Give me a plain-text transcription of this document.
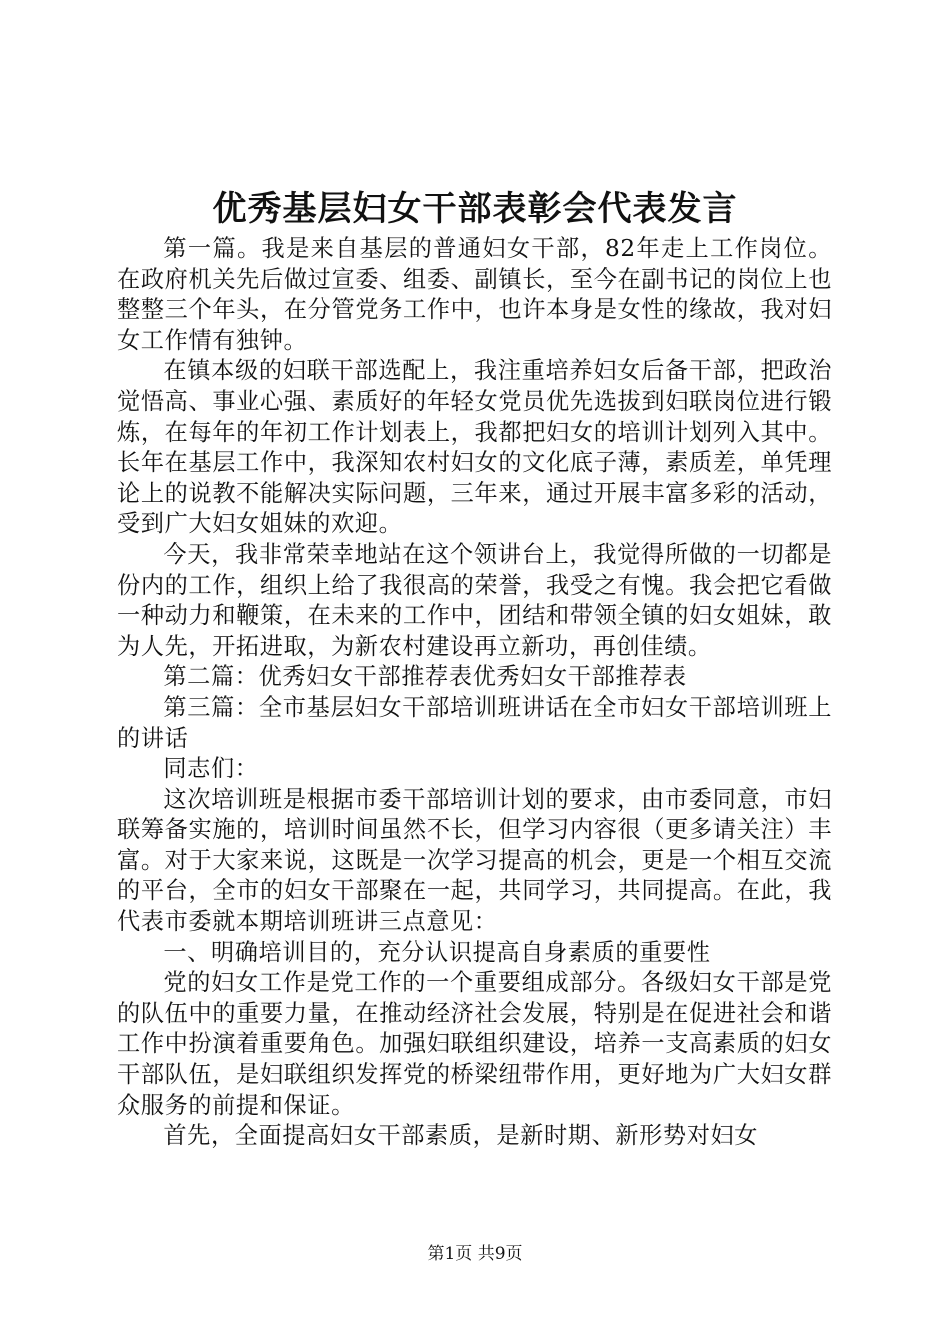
优秀基层妇女干部表彰会代表发言

第一篇。我是来自基层的普通妇女干部，82年走上工作岗位。在政府机关先后做过宣委、组委、副镇长，至今在副书记的岗位上也整整三个年头，在分管党务工作中，也许本身是女性的缘故，我对妇女工作情有独钟。

在镇本级的妇联干部选配上，我注重培养妇女后备干部，把政治觉悟高、事业心强、素质好的年轻女党员优先选拔到妇联岗位进行锻炼，在每年的年初工作计划表上，我都把妇女的培训计划列入其中。长年在基层工作中，我深知农村妇女的文化底子薄，素质差，单凭理论上的说教不能解决实际问题，三年来，通过开展丰富多彩的活动，受到广大妇女姐妹的欢迎。

今天，我非常荣幸地站在这个领讲台上，我觉得所做的一切都是份内的工作，组织上给了我很高的荣誉，我受之有愧。我会把它看做一种动力和鞭策，在未来的工作中，团结和带领全镇的妇女姐妹，敢为人先，开拓进取，为新农村建设再立新功，再创佳绩。

第二篇：优秀妇女干部推荐表优秀妇女干部推荐表

第三篇：全市基层妇女干部培训班讲话在全市妇女干部培训班上的讲话

同志们：

这次培训班是根据市委干部培训计划的要求，由市委同意，市妇联筹备实施的，培训时间虽然不长，但学习内容很（更多请关注）丰富。对于大家来说，这既是一次学习提高的机会，更是一个相互交流的平台，全市的妇女干部聚在一起，共同学习，共同提高。在此，我代表市委就本期培训班讲三点意见：

一、明确培训目的，充分认识提高自身素质的重要性

党的妇女工作是党工作的一个重要组成部分。各级妇女干部是党的队伍中的重要力量，在推动经济社会发展，特别是在促进社会和谐工作中扮演着重要角色。加强妇联组织建设，培养一支高素质的妇女干部队伍，是妇联组织发挥党的桥梁纽带作用，更好地为广大妇女群众服务的前提和保证。

首先，全面提高妇女干部素质，是新时期、新形势对妇女

第1页 共9页
